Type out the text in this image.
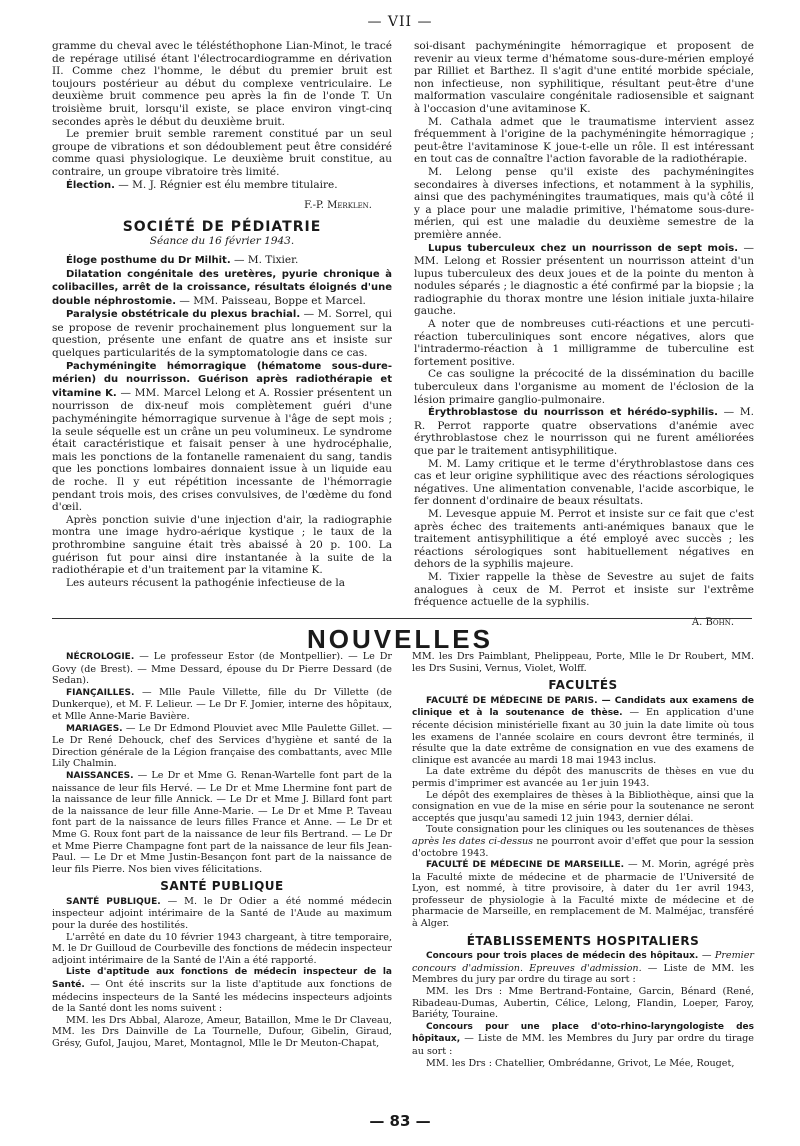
— VII —

gramme du cheval avec le téléstéthophone Lian-Minot, le tracé de repérage utilisé étant l'électrocardiogramme en dérivation II. Comme chez l'homme, le début du premier bruit est toujours postérieur au début du complexe ventriculaire. Le deuxième bruit commence peu après la fin de l'onde T. Un troisième bruit, lorsqu'il existe, se place environ vingt-cinq secondes après le début du deuxième bruit.

Le premier bruit semble rarement constitué par un seul groupe de vibrations et son dédoublement peut être considéré comme quasi physiologique. Le deuxième bruit constitue, au contraire, un groupe vibratoire très limité.

Élection. — M. J. Régnier est élu membre titulaire.

F.-P. Merklen.
SOCIÉTÉ DE PÉDIATRIE
Séance du 16 février 1943.

Éloge posthume du Dr Milhit. — M. Tixier.

Dilatation congénitale des uretères, pyurie chronique à colibacilles, arrêt de la croissance, résultats éloignés d'une double néphrostomie. — MM. Paisseau, Boppe et Marcel.

Paralysie obstétricale du plexus brachial. — M. Sorrel, qui se propose de revenir prochainement plus longuement sur la question, présente une enfant de quatre ans et insiste sur quelques particularités de la symptomatologie dans ce cas.

Pachyméningite hémorragique (hématome sous-dure-mérien) du nourrisson. Guérison après radiothérapie et vitamine K. — MM. Marcel Lelong et A. Rossier présentent un nourrisson de dix-neuf mois complètement guéri d'une pachyméningite hémorragique survenue à l'âge de sept mois ; la seule séquelle est un crâne un peu volumineux. Le syndrome était caractéristique et faisait penser à une hydrocéphalie, mais les ponctions de la fontanelle ramenaient du sang, tandis que les ponctions lombaires donnaient issue à un liquide eau de roche. Il y eut répétition incessante de l'hémorragie pendant trois mois, des crises convulsives, de l'œdème du fond d'œil.

Après ponction suivie d'une injection d'air, la radiographie montra une image hydro-aérique kystique ; le taux de la prothrombine sanguine était très abaissé à 20 p. 100. La guérison fut pour ainsi dire instantanée à la suite de la radiothérapie et d'un traitement par la vitamine K.

Les auteurs récusent la pathogénie infectieuse de la

soi-disant pachyméningite hémorragique et proposent de revenir au vieux terme d'hématome sous-dure-mérien employé par Rilliet et Barthez. Il s'agit d'une entité morbide spéciale, non infectieuse, non syphilitique, résultant peut-être d'une malformation vasculaire congénitale radiosensible et saignant à l'occasion d'une avitaminose K.

M. Cathala admet que le traumatisme intervient assez fréquemment à l'origine de la pachyméningite hémorragique ; peut-être l'avitaminose K joue-t-elle un rôle. Il est intéressant en tout cas de connaître l'action favorable de la radiothérapie.

M. Lelong pense qu'il existe des pachyméningites secondaires à diverses infections, et notamment à la syphilis, ainsi que des pachyméningites traumatiques, mais qu'à côté il y a place pour une maladie primitive, l'hématome sous-dure-mérien, qui est une maladie du deuxième semestre de la première année.

Lupus tuberculeux chez un nourrisson de sept mois. — MM. Lelong et Rossier présentent un nourrisson atteint d'un lupus tuberculeux des deux joues et de la pointe du menton à nodules séparés ; le diagnostic a été confirmé par la biopsie ; la radiographie du thorax montre une lésion initiale juxta-hilaire gauche.

A noter que de nombreuses cuti-réactions et une percuti-réaction tuberculiniques sont encore négatives, alors que l'intradermo-réaction à 1 milligramme de tuberculine est fortement positive.

Ce cas souligne la précocité de la dissémination du bacille tuberculeux dans l'organisme au moment de l'éclosion de la lésion primaire ganglio-pulmonaire.

Érythroblastose du nourrisson et hérédo-syphilis. — M. R. Perrot rapporte quatre observations d'anémie avec érythroblastose chez le nourrisson qui ne furent améliorées que par le traitement antisyphilitique.

M. M. Lamy critique et le terme d'érythroblastose dans ces cas et leur origine syphilitique avec des réactions sérologiques négatives. Une alimentation convenable, l'acide ascorbique, le fer donnent d'ordinaire de beaux résultats.

M. Levesque appuie M. Perrot et insiste sur ce fait que c'est après échec des traitements anti-anémiques banaux que le traitement antisyphilitique a été employé avec succès ; les réactions sérologiques sont habituellement négatives en dehors de la syphilis majeure.

M. Tixier rappelle la thèse de Sevestre au sujet de faits analogues à ceux de M. Perrot et insiste sur l'extrême fréquence actuelle de la syphilis.

A. Bohn.
NOUVELLES

NÉCROLOGIE. — Le professeur Estor (de Montpellier). — Le Dr Govy (de Brest). — Mme Dessard, épouse du Dr Pierre Dessard (de Sedan).

FIANÇAILLES. — Mlle Paule Villette, fille du Dr Villette (de Dunkerque), et M. F. Lelieur. — Le Dr F. Jomier, interne des hôpitaux, et Mlle Anne-Marie Bavière.

MARIAGES. — Le Dr Edmond Plouviet avec Mlle Paulette Gillet. — Le Dr René Dehouck, chef des Services d'hygiène et santé de la Direction générale de la Légion française des combattants, avec Mlle Lily Chalmin.

NAISSANCES. — Le Dr et Mme G. Renan-Wartelle font part de la naissance de leur fils Hervé. — Le Dr et Mme Lhermine font part de la naissance de leur fille Annick. — Le Dr et Mme J. Billard font part de la naissance de leur fille Anne-Marie. — Le Dr et Mme P. Taveau font part de la naissance de leurs filles France et Anne. — Le Dr et Mme G. Roux font part de la naissance de leur fils Bertrand. — Le Dr et Mme Pierre Champagne font part de la naissance de leur fils Jean-Paul. — Le Dr et Mme Justin-Besançon font part de la naissance de leur fils Pierre. Nos bien vives félicitations.

SANTÉ PUBLIQUE

SANTÉ PUBLIQUE. — M. le Dr Odier a été nommé médecin inspecteur adjoint intérimaire de la Santé de l'Aude au maximum pour la durée des hostilités.

L'arrêté en date du 10 février 1943 chargeant, à titre temporaire, M. le Dr Guilloud de Courbeville des fonctions de médecin inspecteur adjoint intérimaire de la Santé de l'Ain a été rapporté.

Liste d'aptitude aux fonctions de médecin inspecteur de la Santé. — Ont été inscrits sur la liste d'aptitude aux fonctions de médecins inspecteurs de la Santé les médecins inspecteurs adjoints de la Santé dont les noms suivent :

MM. les Drs Abbal, Alaroze, Ameur, Bataillon, Mme le Dr Claveau, MM. les Drs Dainville de La Tournelle, Dufour, Gibelin, Giraud, Grésy, Gufol, Jaujou, Maret, Montagnol, Mlle le Dr Meuton-Chapat,

MM. les Drs Paimblant, Phelippeau, Porte, Mlle le Dr Roubert, MM. les Drs Susini, Vernus, Violet, Wolff.

FACULTÉS

FACULTÉ DE MÉDECINE DE PARIS. — Candidats aux examens de clinique et à la soutenance de thèse. — En application d'une récente décision ministérielle fixant au 30 juin la date limite où tous les examens de l'année scolaire en cours devront être terminés, il résulte que la date extrême de consignation en vue des examens de clinique est avancée au mardi 18 mai 1943 inclus.

La date extrême du dépôt des manuscrits de thèses en vue du permis d'imprimer est avancée au 1er juin 1943.

Le dépôt des exemplaires de thèses à la Bibliothèque, ainsi que la consignation en vue de la mise en série pour la soutenance ne seront acceptés que jusqu'au samedi 12 juin 1943, dernier délai.

Toute consignation pour les cliniques ou les soutenances de thèses après les dates ci-dessus ne pourront avoir d'effet que pour la session d'octobre 1943.

FACULTÉ DE MÉDECINE DE MARSEILLE. — M. Morin, agrégé près la Faculté mixte de médecine et de pharmacie de l'Université de Lyon, est nommé, à titre provisoire, à dater du 1er avril 1943, professeur de physiologie à la Faculté mixte de médecine et de pharmacie de Marseille, en remplacement de M. Malméjac, transféré à Alger.

ÉTABLISSEMENTS HOSPITALIERS

Concours pour trois places de médecin des hôpitaux. — Premier concours d'admission. Epreuves d'admission. — Liste de MM. les Membres du jury par ordre du tirage au sort :

MM. les Drs : Mme Bertrand-Fontaine, Garcin, Bénard (René, Ribadeau-Dumas, Aubertin, Célice, Lelong, Flandin, Loeper, Faroy, Bariéty, Touraine.

Concours pour une place d'oto-rhino-laryngologiste des hôpitaux, — Liste de MM. les Membres du Jury par ordre du tirage au sort :

MM. les Drs : Chatellier, Ombrédanne, Grivot, Le Mée, Rouget,

— 83 —
